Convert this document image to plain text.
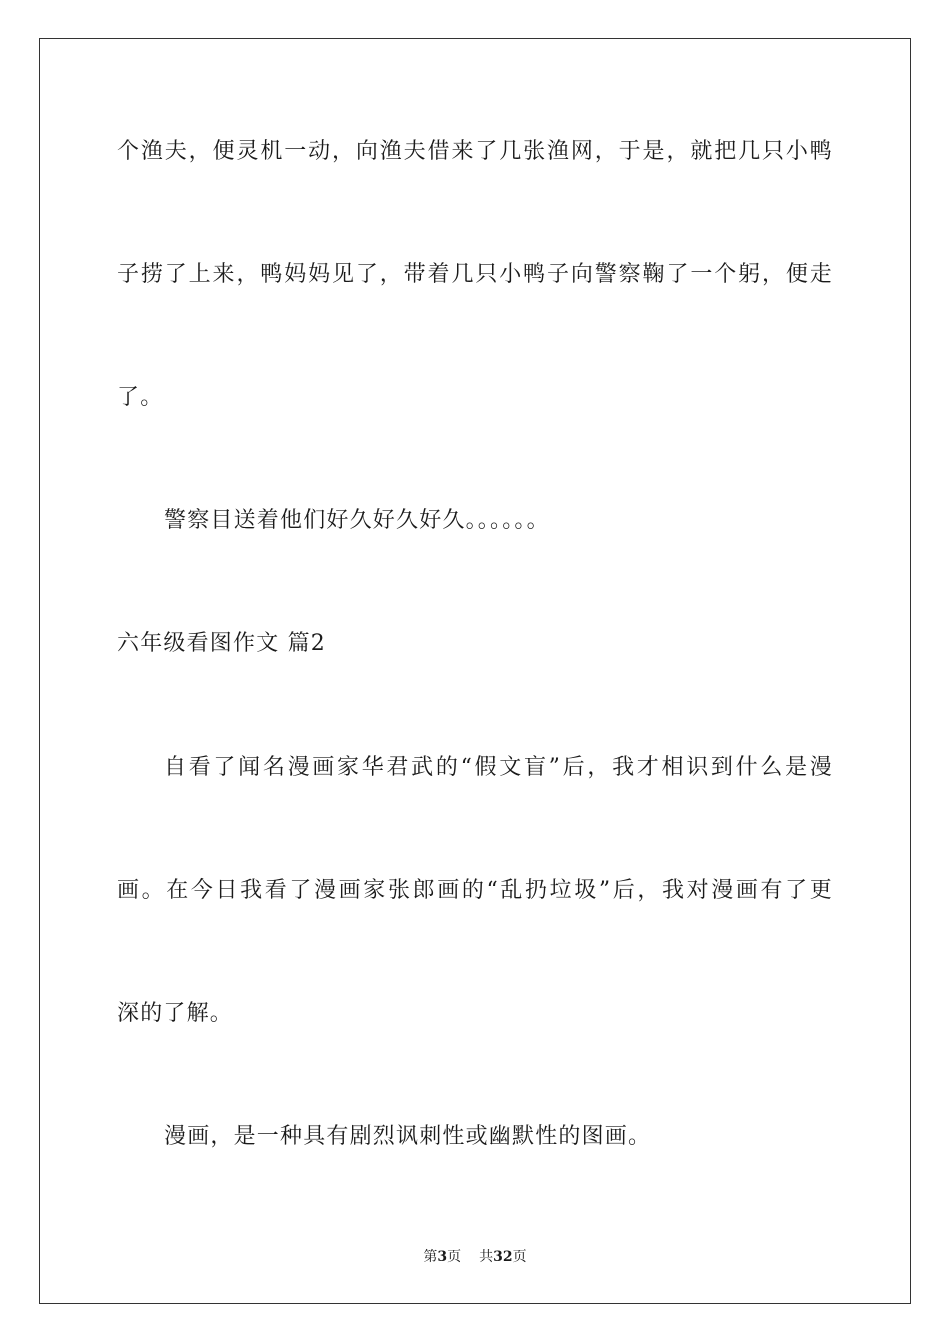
个渔夫，便灵机一动，向渔夫借来了几张渔网，于是，就把几只小鸭
子捞了上来，鸭妈妈见了，带着几只小鸭子向警察鞠了一个躬，便走
了。
警察目送着他们好久好久好久。。。。。。
六年级看图作文 篇2
自看了闻名漫画家华君武的“假文盲”后，我才相识到什么是漫
画。在今日我看了漫画家张郎画的“乱扔垃圾”后，我对漫画有了更
深的了解。
漫画，是一种具有剧烈讽刺性或幽默性的图画。
第3页 共32页
